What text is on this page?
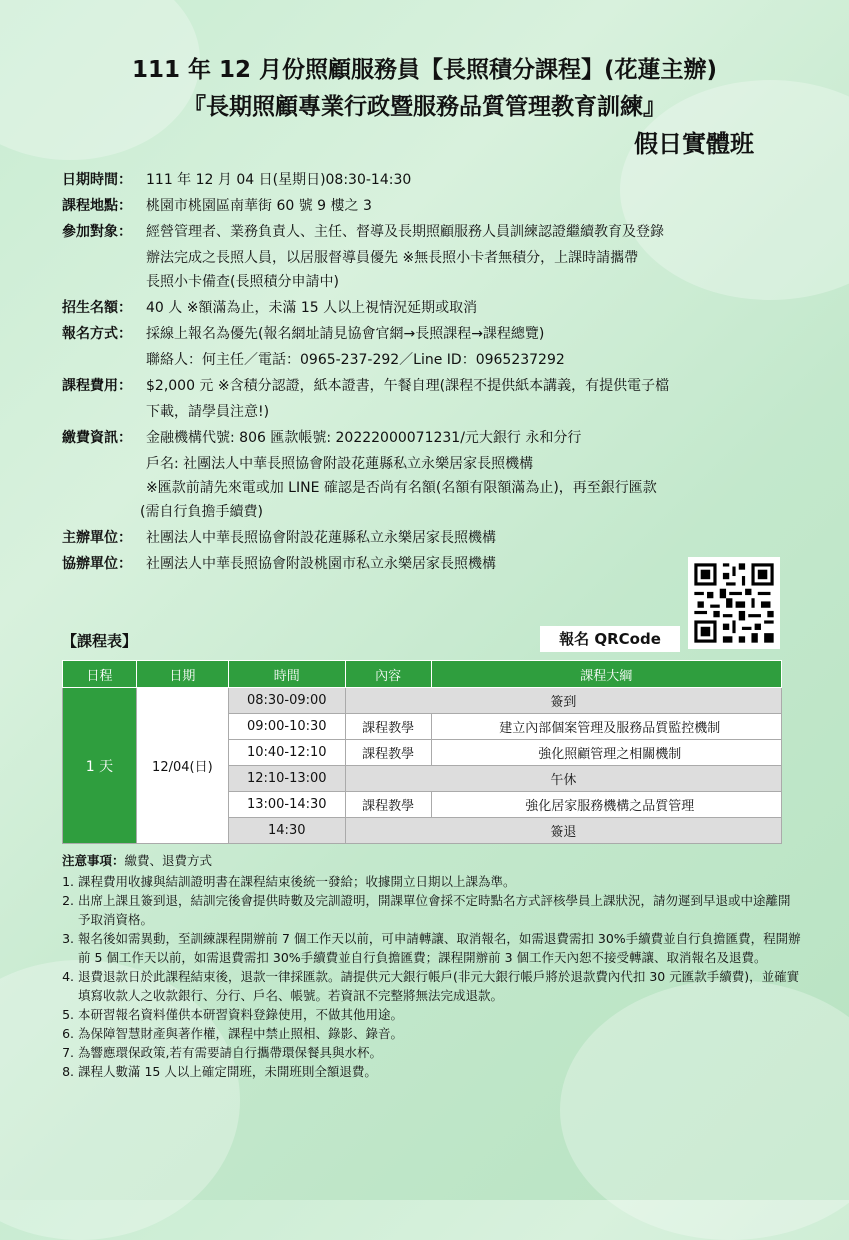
111 年 12 月份照顧服務員【長照積分課程】(花蓮主辦)
『長期照顧專業行政暨服務品質管理教育訓練』
假日實體班
日期時間：	111 年 12 月 04 日(星期日)08:30-14:30
課程地點：	桃園市桃園區南華街 60 號 9 樓之 3
參加對象：	經營管理者、業務負責人、主任、督導及長期照顧服務人員訓練認證繼續教育及登錄
辦法完成之長照人員，以居服督導員優先 ※無長照小卡者無積分，上課時請攜帶
長照小卡備查(長照積分申請中)
招生名額：	40 人 ※額滿為止，未滿 15 人以上視情況延期或取消
報名方式：	採線上報名為優先(報名網址請見協會官網→長照課程→課程總覽)
聯絡人：何主任／電話：0965-237-292／Line ID：0965237292
課程費用：	$2,000 元 ※含積分認證，紙本證書，午餐自理(課程不提供紙本講義，有提供電子檔
下載，請學員注意!)
繳費資訊：	金融機構代號: 806 匯款帳號: 20222000071231/元大銀行 永和分行
戶名: 社團法人中華長照協會附設花蓮縣私立永樂居家長照機構
※匯款前請先來電或加 LINE 確認是否尚有名額(名額有限額滿為止)，再至銀行匯款
(需自行負擔手續費)
主辦單位：	社團法人中華長照協會附設花蓮縣私立永樂居家長照機構
協辦單位：	社團法人中華長照協會附設桃園市私立永樂居家長照機構
報名 QRCode
【課程表】
日程	日期	時間	內容	課程大綱
1 天	12/04(日)	08:30-09:00	簽到	
		09:00-10:30	課程教學	建立內部個案管理及服務品質監控機制
		10:40-12:10	課程教學	強化照顧管理之相關機制
		12:10-13:00	午休	
		13:00-14:30	課程教學	強化居家服務機構之品質管理
		14:30	簽退	
注意事項：繳費、退費方式
1. 課程費用收據與結訓證明書在課程結束後統一發給；收據開立日期以上課為準。
2. 出席上課且簽到退，結訓完後會提供時數及完訓證明，開課單位會採不定時點名方式評核學員上課狀況，請勿遲到早退或中途離開予取消資格。
3. 報名後如需異動，至訓練課程開辦前 7 個工作天以前，可申請轉讓、取消報名，如需退費需扣 30%手續費並自行負擔匯費，程開辦前 5 個工作天以前，如需退費需扣 30%手續費並自行負擔匯費；課程開辦前 3 個工作天內恕不接受轉讓、取消報名及退費。
4. 退費退款日於此課程結束後，退款一律採匯款。請提供元大銀行帳戶(非元大銀行帳戶將於退款費內代扣 30 元匯款手續費)，並確實填寫收款人之收款銀行、分行、戶名、帳號。若資訊不完整將無法完成退款。
5. 本研習報名資料僅供本研習資料登錄使用，不做其他用途。
6. 為保障智慧財產與著作權，課程中禁止照相、錄影、錄音。
7. 為響應環保政策,若有需要請自行攜帶環保餐具與水杯。
8. 課程人數滿 15 人以上確定開班，未開班則全額退費。
